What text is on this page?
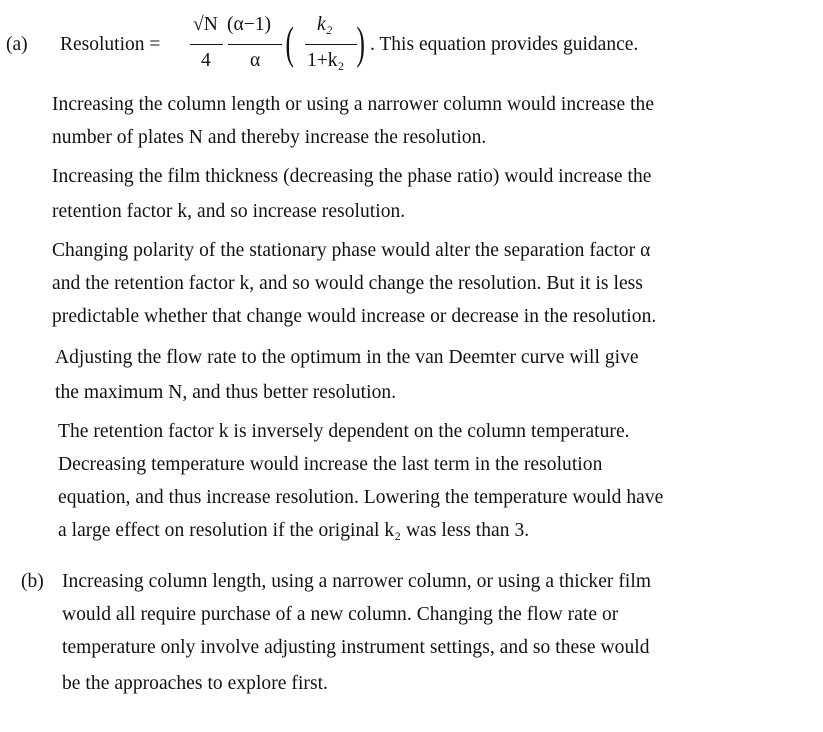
(a) Resolution =
√N
4
(α−1)
α ( k₂
1+k₂ ) . This equation provides guidance.
Increasing the column length or using a narrower column would increase the
number of plates N and thereby increase the resolution.
Increasing the film thickness (decreasing the phase ratio) would increase the
retention factor k, and so increase resolution.
Changing polarity of the stationary phase would alter the separation factor α
and the retention factor k, and so would change the resolution. But it is less
predictable whether that change would increase or decrease in the resolution.
Adjusting the flow rate to the optimum in the van Deemter curve will give
the maximum N, and thus better resolution.
The retention factor k is inversely dependent on the column temperature.
Decreasing temperature would increase the last term in the resolution
equation, and thus increase resolution. Lowering the temperature would have
a large effect on resolution if the original k₂ was less than 3.
(b) Increasing column length, using a narrower column, or using a thicker film
would all require purchase of a new column. Changing the flow rate or
temperature only involve adjusting instrument settings, and so these would
be the approaches to explore first.
